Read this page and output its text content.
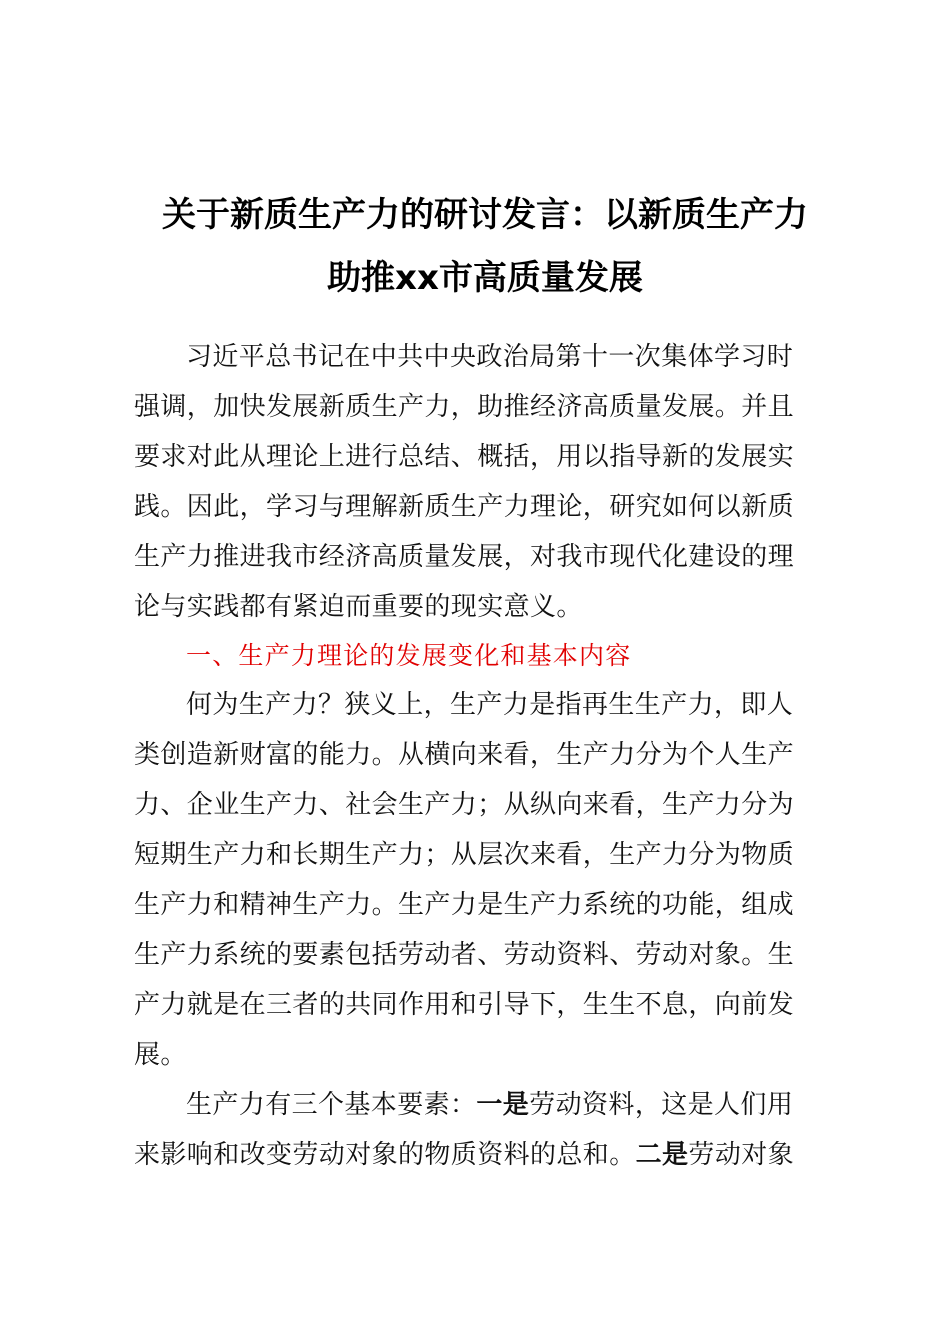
关于新质生产力的研讨发言：以新质生产力
助推xx市高质量发展
习近平总书记在中共中央政治局第十一次集体学习时
强调，加快发展新质生产力，助推经济高质量发展。并且
要求对此从理论上进行总结、概括，用以指导新的发展实
践。因此，学习与理解新质生产力理论，研究如何以新质
生产力推进我市经济高质量发展，对我市现代化建设的理
论与实践都有紧迫而重要的现实意义。
一、生产力理论的发展变化和基本内容
何为生产力？狭义上，生产力是指再生生产力，即人
类创造新财富的能力。从横向来看，生产力分为个人生产
力、企业生产力、社会生产力；从纵向来看，生产力分为
短期生产力和长期生产力；从层次来看，生产力分为物质
生产力和精神生产力。生产力是生产力系统的功能，组成
生产力系统的要素包括劳动者、劳动资料、劳动对象。生
产力就是在三者的共同作用和引导下，生生不息，向前发
展。
生产力有三个基本要素：一是劳动资料，这是人们用
来影响和改变劳动对象的物质资料的总和。二是劳动对象
